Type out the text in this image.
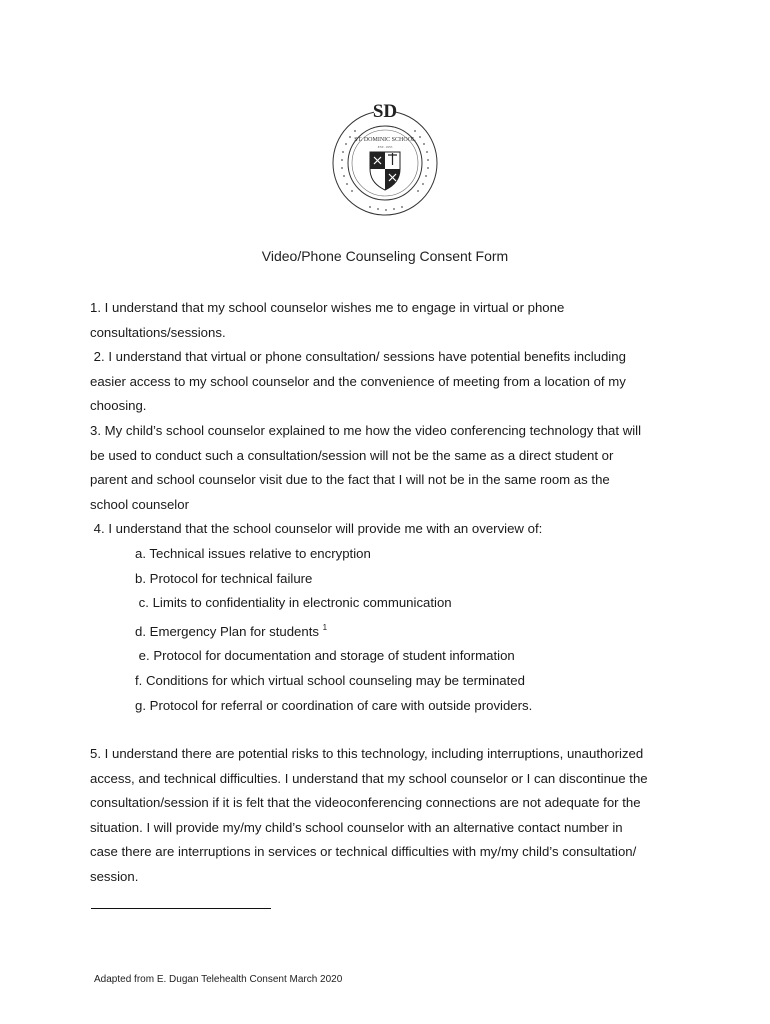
SD
ST. DOMINIC SCHOOL
EST. 1955
Video/Phone Counseling Consent Form
1. I understand that my school counselor wishes me to engage in virtual or phone
consultations/sessions.
2. I understand that virtual or phone consultation/ sessions have potential benefits including
easier access to my school counselor and the convenience of meeting from a location of my
choosing.
3. My child’s school counselor explained to me how the video conferencing technology that will
be used to conduct such a consultation/session will not be the same as a direct student or
parent and school counselor visit due to the fact that I will not be in the same room as the
school counselor
4. I understand that the school counselor will provide me with an overview of:
a. Technical issues relative to encryption
b. Protocol for technical failure
c. Limits to confidentiality in electronic communication
d. Emergency Plan for students $^1$
e. Protocol for documentation and storage of student information
f. Conditions for which virtual school counseling may be terminated
g. Protocol for referral or coordination of care with outside providers.
5. I understand there are potential risks to this technology, including interruptions, unauthorized
access, and technical difficulties. I understand that my school counselor or I can discontinue the
consultation/session if it is felt that the videoconferencing connections are not adequate for the
situation. I will provide my/my child’s school counselor with an alternative contact number in
case there are interruptions in services or technical difficulties with my/my child’s consultation/
session.
Adapted from E. Dugan Telehealth Consent March 2020
